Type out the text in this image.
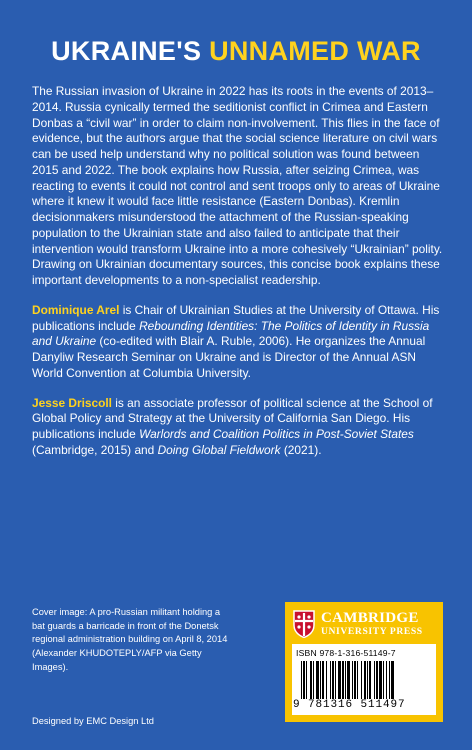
UKRAINE'S UNNAMED WAR

The Russian invasion of Ukraine in 2022 has its roots in the events of 2013–2014. Russia cynically termed the seditionist conflict in Crimea and Eastern Donbas a “civil war” in order to claim non-involvement. This flies in the face of evidence, but the authors argue that the social science literature on civil wars can be used help understand why no political solution was found between 2015 and 2022. The book explains how Russia, after seizing Crimea, was reacting to events it could not control and sent troops only to areas of Ukraine where it knew it would face little resistance (Eastern Donbas). Kremlin decisionmakers misunderstood the attachment of the Russian-speaking population to the Ukrainian state and also failed to anticipate that their intervention would transform Ukraine into a more cohesively “Ukrainian” polity. Drawing on Ukrainian documentary sources, this concise book explains these important developments to a non-specialist readership.

Dominique Arel is Chair of Ukrainian Studies at the University of Ottawa. His publications include Rebounding Identities: The Politics of Identity in Russia and Ukraine (co-edited with Blair A. Ruble, 2006). He organizes the Annual Danyliw Research Seminar on Ukraine and is Director of the Annual ASN World Convention at Columbia University.

Jesse Driscoll is an associate professor of political science at the School of Global Policy and Strategy at the University of California San Diego. His publications include Warlords and Coalition Politics in Post-Soviet States (Cambridge, 2015) and Doing Global Fieldwork (2021).

Cover image: A pro-Russian militant holding a bat guards a barricade in front of the Donetsk regional administration building on April 8, 2014 (Alexander KHUDOTEPLY/AFP via Getty Images).
Designed by EMC Design Ltd
CAMBRIDGE
UNIVERSITY PRESS
ISBN 978-1-316-51149-7
9 781316 511497
